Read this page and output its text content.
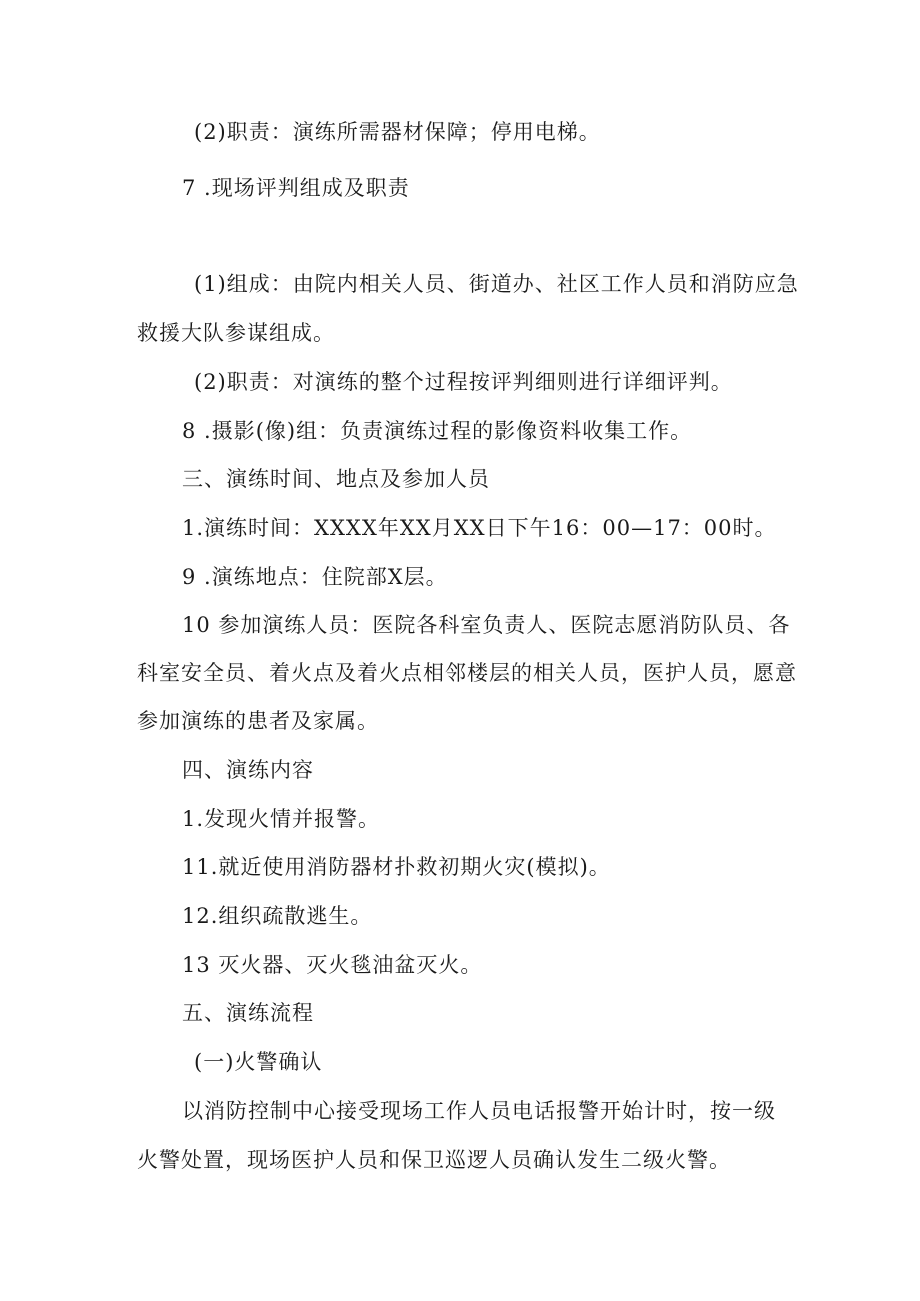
(2)职责：演练所需器材保障；停用电梯。

7 .现场评判组成及职责

(1)组成：由院内相关人员、街道办、社区工作人员和消防应急

救援大队参谋组成。

(2)职责：对演练的整个过程按评判细则进行详细评判。

8 .摄影(像)组：负责演练过程的影像资料收集工作。

三、演练时间、地点及参加人员

1.演练时间：XXXX年XX月XX日下午16：00—17：00时。

9 .演练地点：住院部X层。

10 参加演练人员：医院各科室负责人、医院志愿消防队员、各

科室安全员、着火点及着火点相邻楼层的相关人员，医护人员，愿意

参加演练的患者及家属。

四、演练内容

1.发现火情并报警。

11.就近使用消防器材扑救初期火灾(模拟)。

12.组织疏散逃生。

13 灭火器、灭火毯油盆灭火。

五、演练流程

(一)火警确认

以消防控制中心接受现场工作人员电话报警开始计时，按一级

火警处置，现场医护人员和保卫巡逻人员确认发生二级火警。
